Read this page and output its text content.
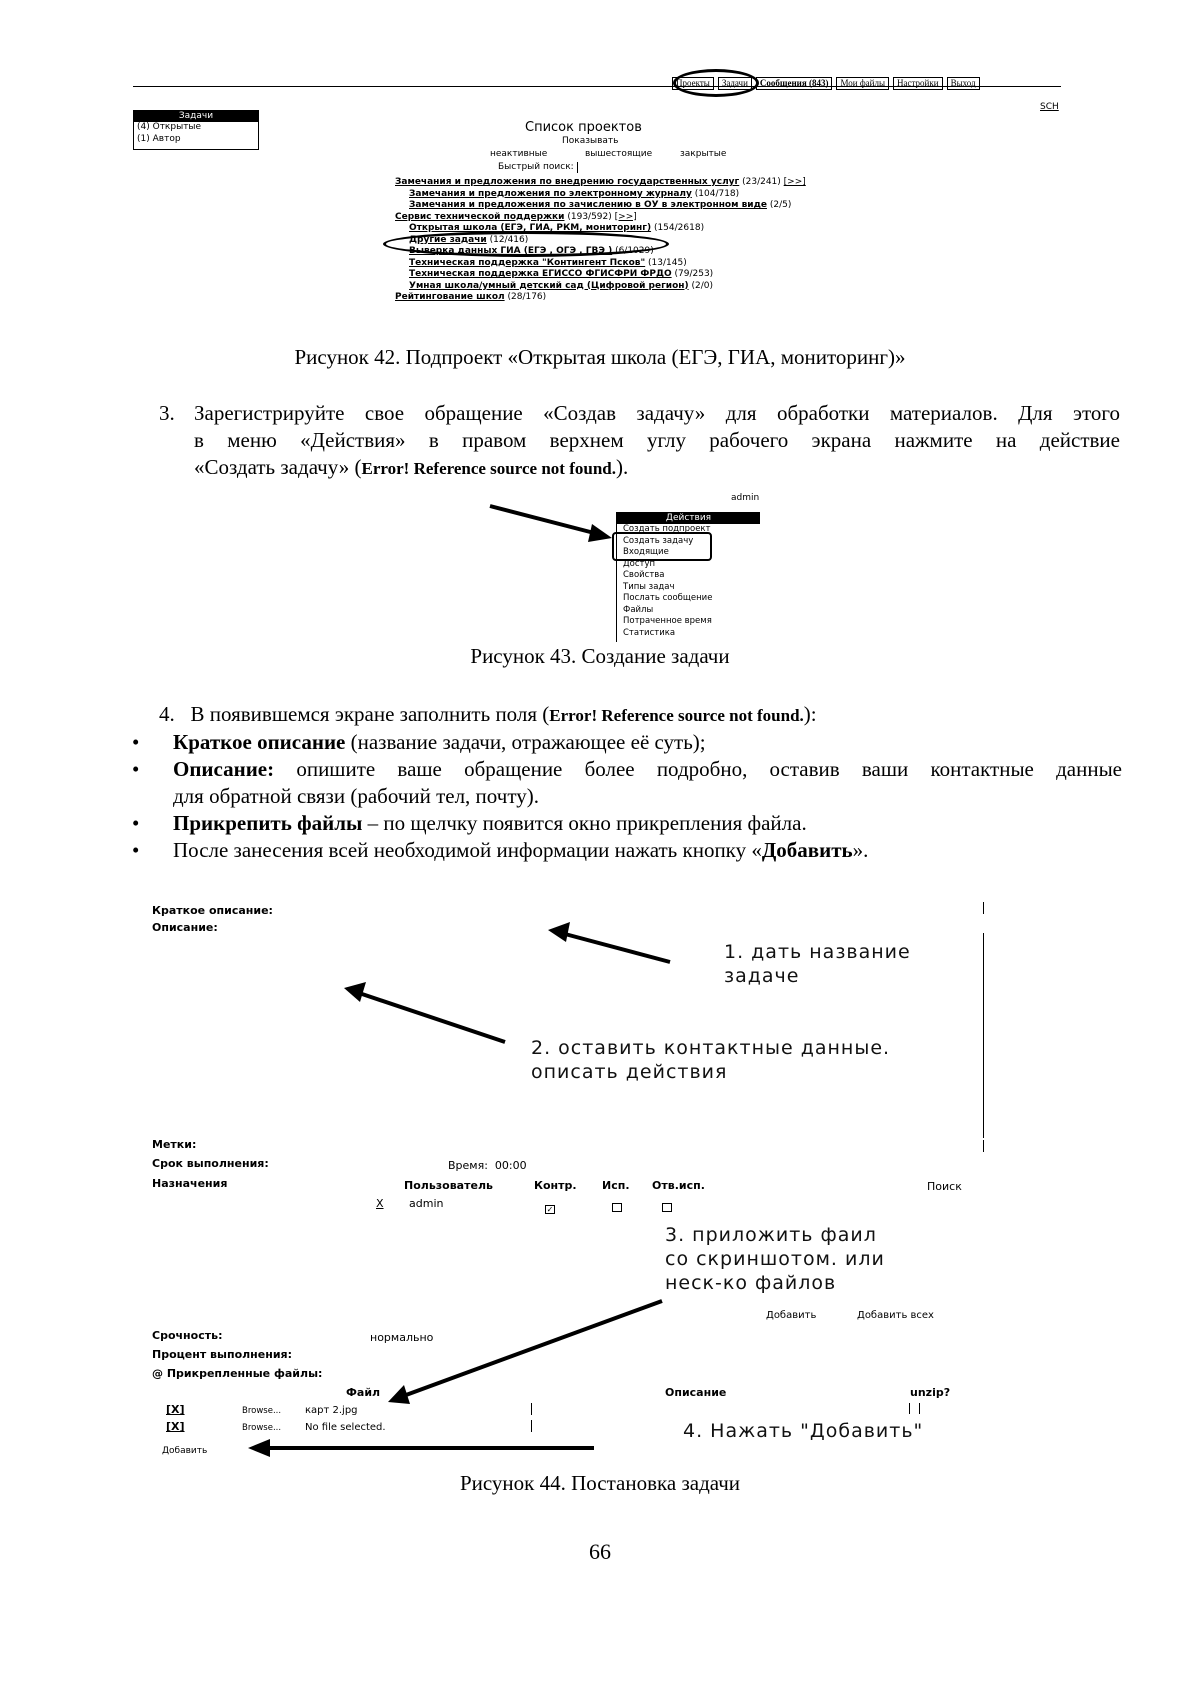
Проекты Задачи Сообщения (843) Мои файлы Настройки Выход
SCH
Задачи
(4) Открытые
(1) Автор
Список проектов
Показывать
неактивные	вышестоящие	закрытые
Быстрый поиск:
Замечания и предложения по внедрению государственных услуг (23/241) [>>]
Замечания и предложения по электронному журналу (104/718)
Замечания и предложения по зачислению в ОУ в электронном виде (2/5)
Сервис технической поддержки (193/592) [>>]
Открытая школа (ЕГЭ, ГИА, РКМ, мониторинг) (154/2618)
Другие задачи (12/416)
Выверка данных ГИА (ЕГЭ , ОГЭ , ГВЭ ) (6/1029)
Техническая поддержка "Контингент Псков" (13/145)
Техническая поддержка ЕГИССО ФГИСФРИ ФРДО (79/253)
Умная школа/умный детский сад (Цифровой регион) (2/0)
Рейтингование школ (28/176)
Рисунок 42. Подпроект «Открытая школа (ЕГЭ, ГИА, мониторинг)»
3. Зарегистрируйте свое обращение «Создав задачу» для обработки материалов. Для этого
в меню «Действия» в правом верхнем углу рабочего экрана нажмите на действие
«Создать задачу» (Error! Reference source not found.).
admin
Действия
Создать подпроект
Создать задачу
Входящие
Доступ
Свойства
Типы задач
Послать сообщение
Файлы
Потраченное время
Статистика
Рисунок 43. Создание задачи
4. В появившемся экране заполнить поля (Error! Reference source not found.):
• Краткое описание (название задачи, отражающее её суть);
• Описание: опишите ваше обращение более подробно, оставив ваши контактные данные
для обратной связи (рабочий тел, почту).
• Прикрепить файлы – по щелчку появится окно прикрепления файла.
• После занесения всей необходимой информации нажать кнопку «Добавить».
Краткое описание:
Описание:
1. дать название
задаче
2. оставить контактные данные.
описать действия
Метки:
Срок выполнения:	Время: 00:00
Назначения	Пользователь	Контр. Исп. Отв.исп.	Поиск
X admin	✓
3. приложить фаил
со скриншотом. или
неск-ко файлов
Добавить	Добавить всех
Срочность:	нормально
Процент выполнения:
@ Прикрепленные файлы:
Файл	Описание	unzip?
[X]	Browse... карт 2.jpg
[X]	Browse... No file selected.	4. Нажать "Добавить"
Добавить
Рисунок 44. Постановка задачи
66
